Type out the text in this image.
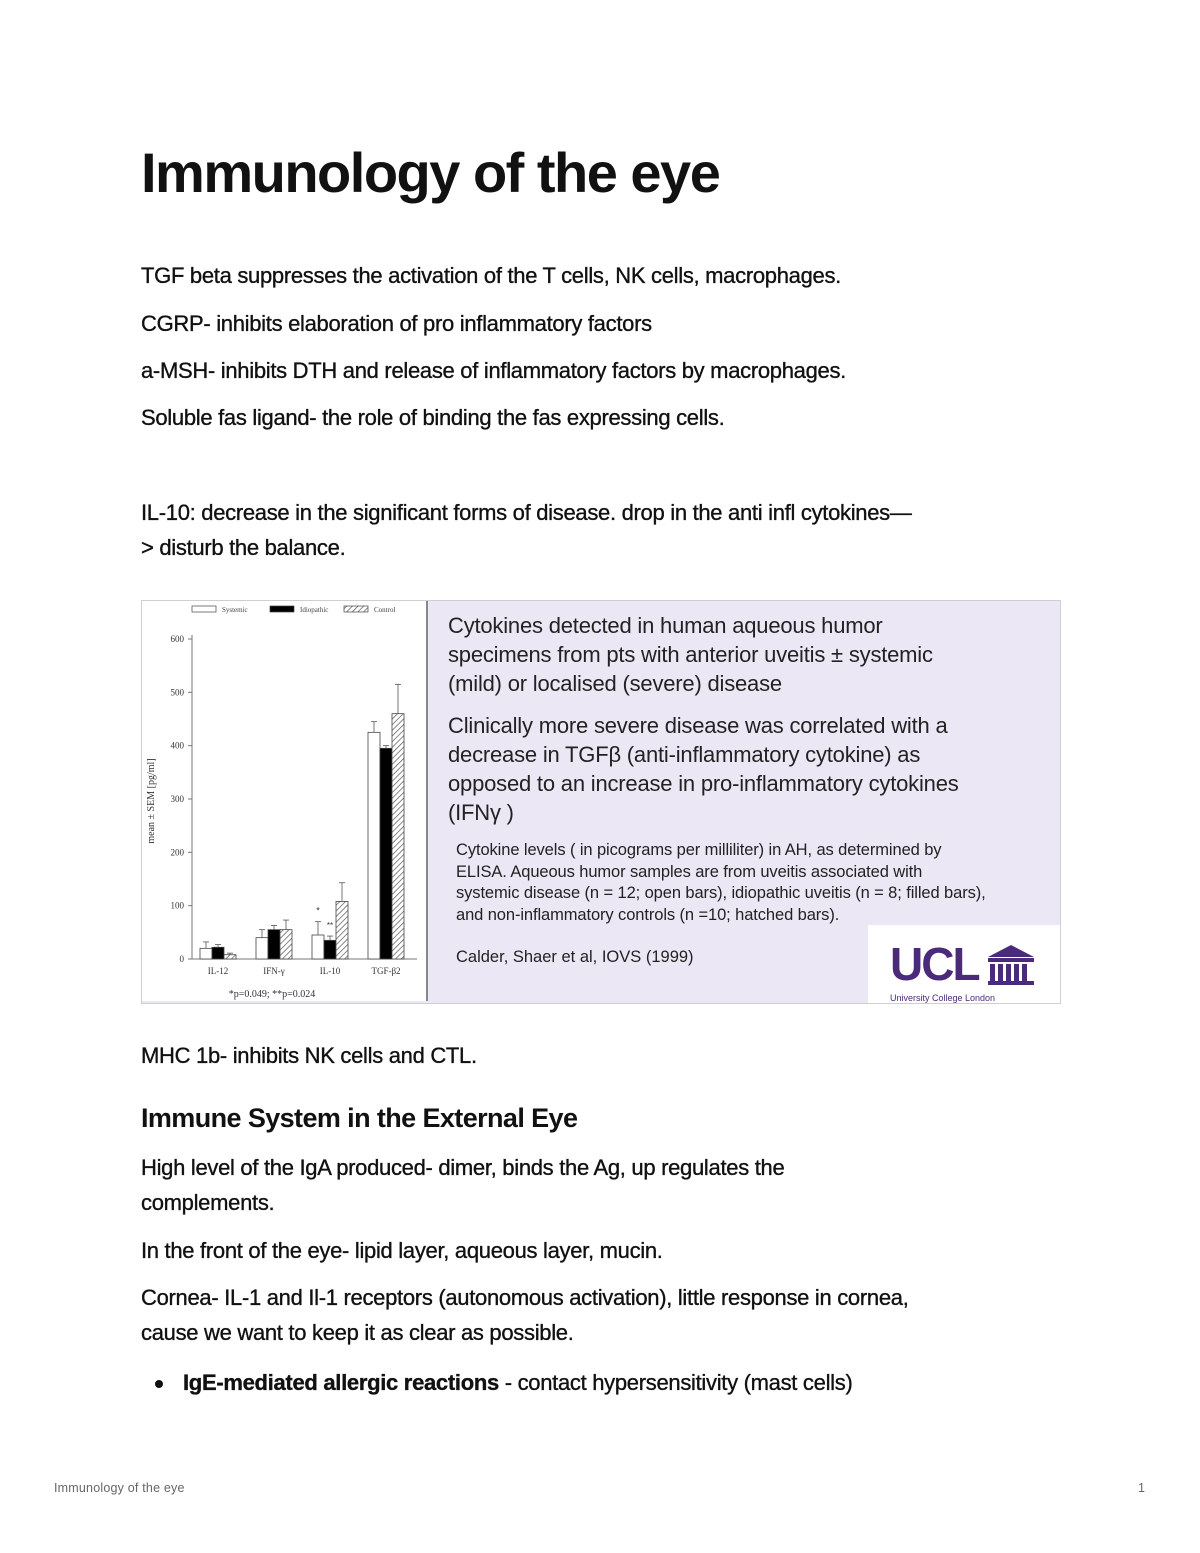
Immunology of the eye

TGF beta suppresses the activation of the T cells, NK cells, macrophages.

CGRP- inhibits elaboration of pro inflammatory factors

a-MSH- inhibits DTH and release of inflammatory factors by macrophages.

Soluble fas ligand- the role of binding the fas expressing cells.

IL-10: decrease in the significant forms of disease. drop in the anti infl cytokines—

> disturb the balance.

Systemic	Idiopathic	Control
0
100
200
300
400
500
600
IL-12	IFN-γ	IL-10	TGF-β2
*
**
mean ± SEM [pg/ml]
*p=0.049; **p=0.024
Cytokines detected in human aqueous humor
specimens from pts with anterior uveitis ± systemic
(mild) or localised (severe) disease
Clinically more severe disease was correlated with a
decrease in TGFβ (anti-inflammatory cytokine) as
opposed to an increase in pro-inflammatory cytokines
(IFNγ )
Cytokine levels ( in picograms per milliliter) in AH, as determined by
ELISA. Aqueous humor samples are from uveitis associated with
systemic disease (n = 12; open bars), idiopathic uveitis (n = 8; filled bars),
and non-inflammatory controls (n =10; hatched bars).
Calder, Shaer et al, IOVS (1999)	UCL
University College London

MHC 1b- inhibits NK cells and CTL.

Immune System in the External Eye

High level of the IgA produced- dimer, binds the Ag, up regulates the

complements.

In the front of the eye- lipid layer, aqueous layer, mucin.

Cornea- IL-1 and Il-1 receptors (autonomous activation), little response in cornea,

cause we want to keep it as clear as possible.

IgE-mediated allergic reactions - contact hypersensitivity (mast cells)
Immunology of the eye	1
